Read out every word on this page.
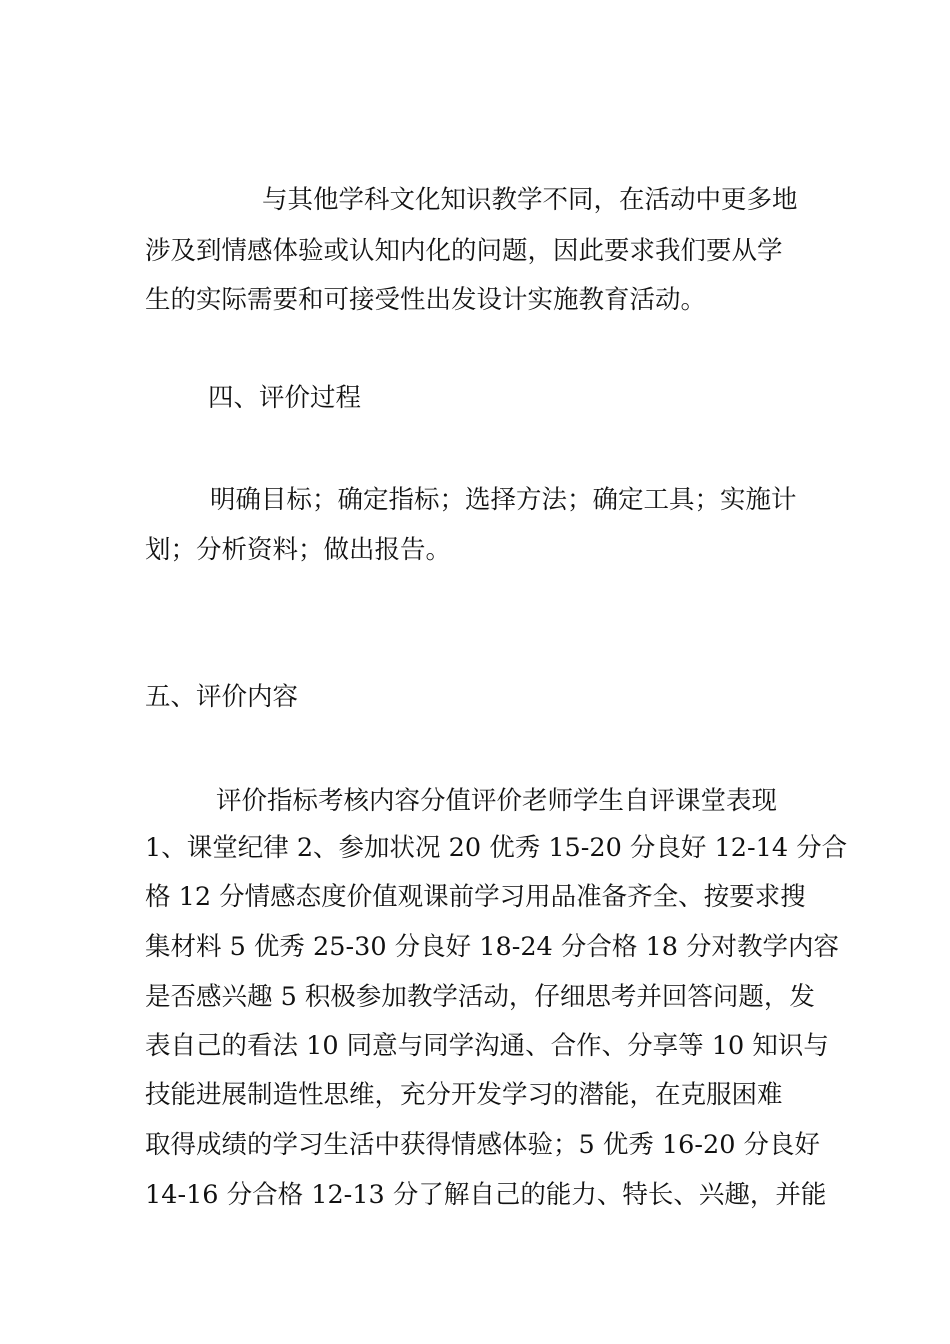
与其他学科文化知识教学不同，在活动中更多地
涉及到情感体验或认知内化的问题，因此要求我们要从学
生的实际需要和可接受性出发设计实施教育活动。
四、评价过程
明确目标；确定指标；选择方法；确定工具；实施计
划；分析资料；做出报告。
五、评价内容
评价指标考核内容分值评价老师学生自评课堂表现
1、课堂纪律 2、参加状况 20 优秀 15-20 分良好 12-14 分合
格 12 分情感态度价值观课前学习用品准备齐全、按要求搜
集材料 5 优秀 25-30 分良好 18-24 分合格 18 分对教学内容
是否感兴趣 5 积极参加教学活动，仔细思考并回答问题，发
表自己的看法 10 同意与同学沟通、合作、分享等 10 知识与
技能进展制造性思维，充分开发学习的潜能，在克服困难
取得成绩的学习生活中获得情感体验；5 优秀 16-20 分良好
14-16 分合格 12-13 分了解自己的能力、特长、兴趣，并能
